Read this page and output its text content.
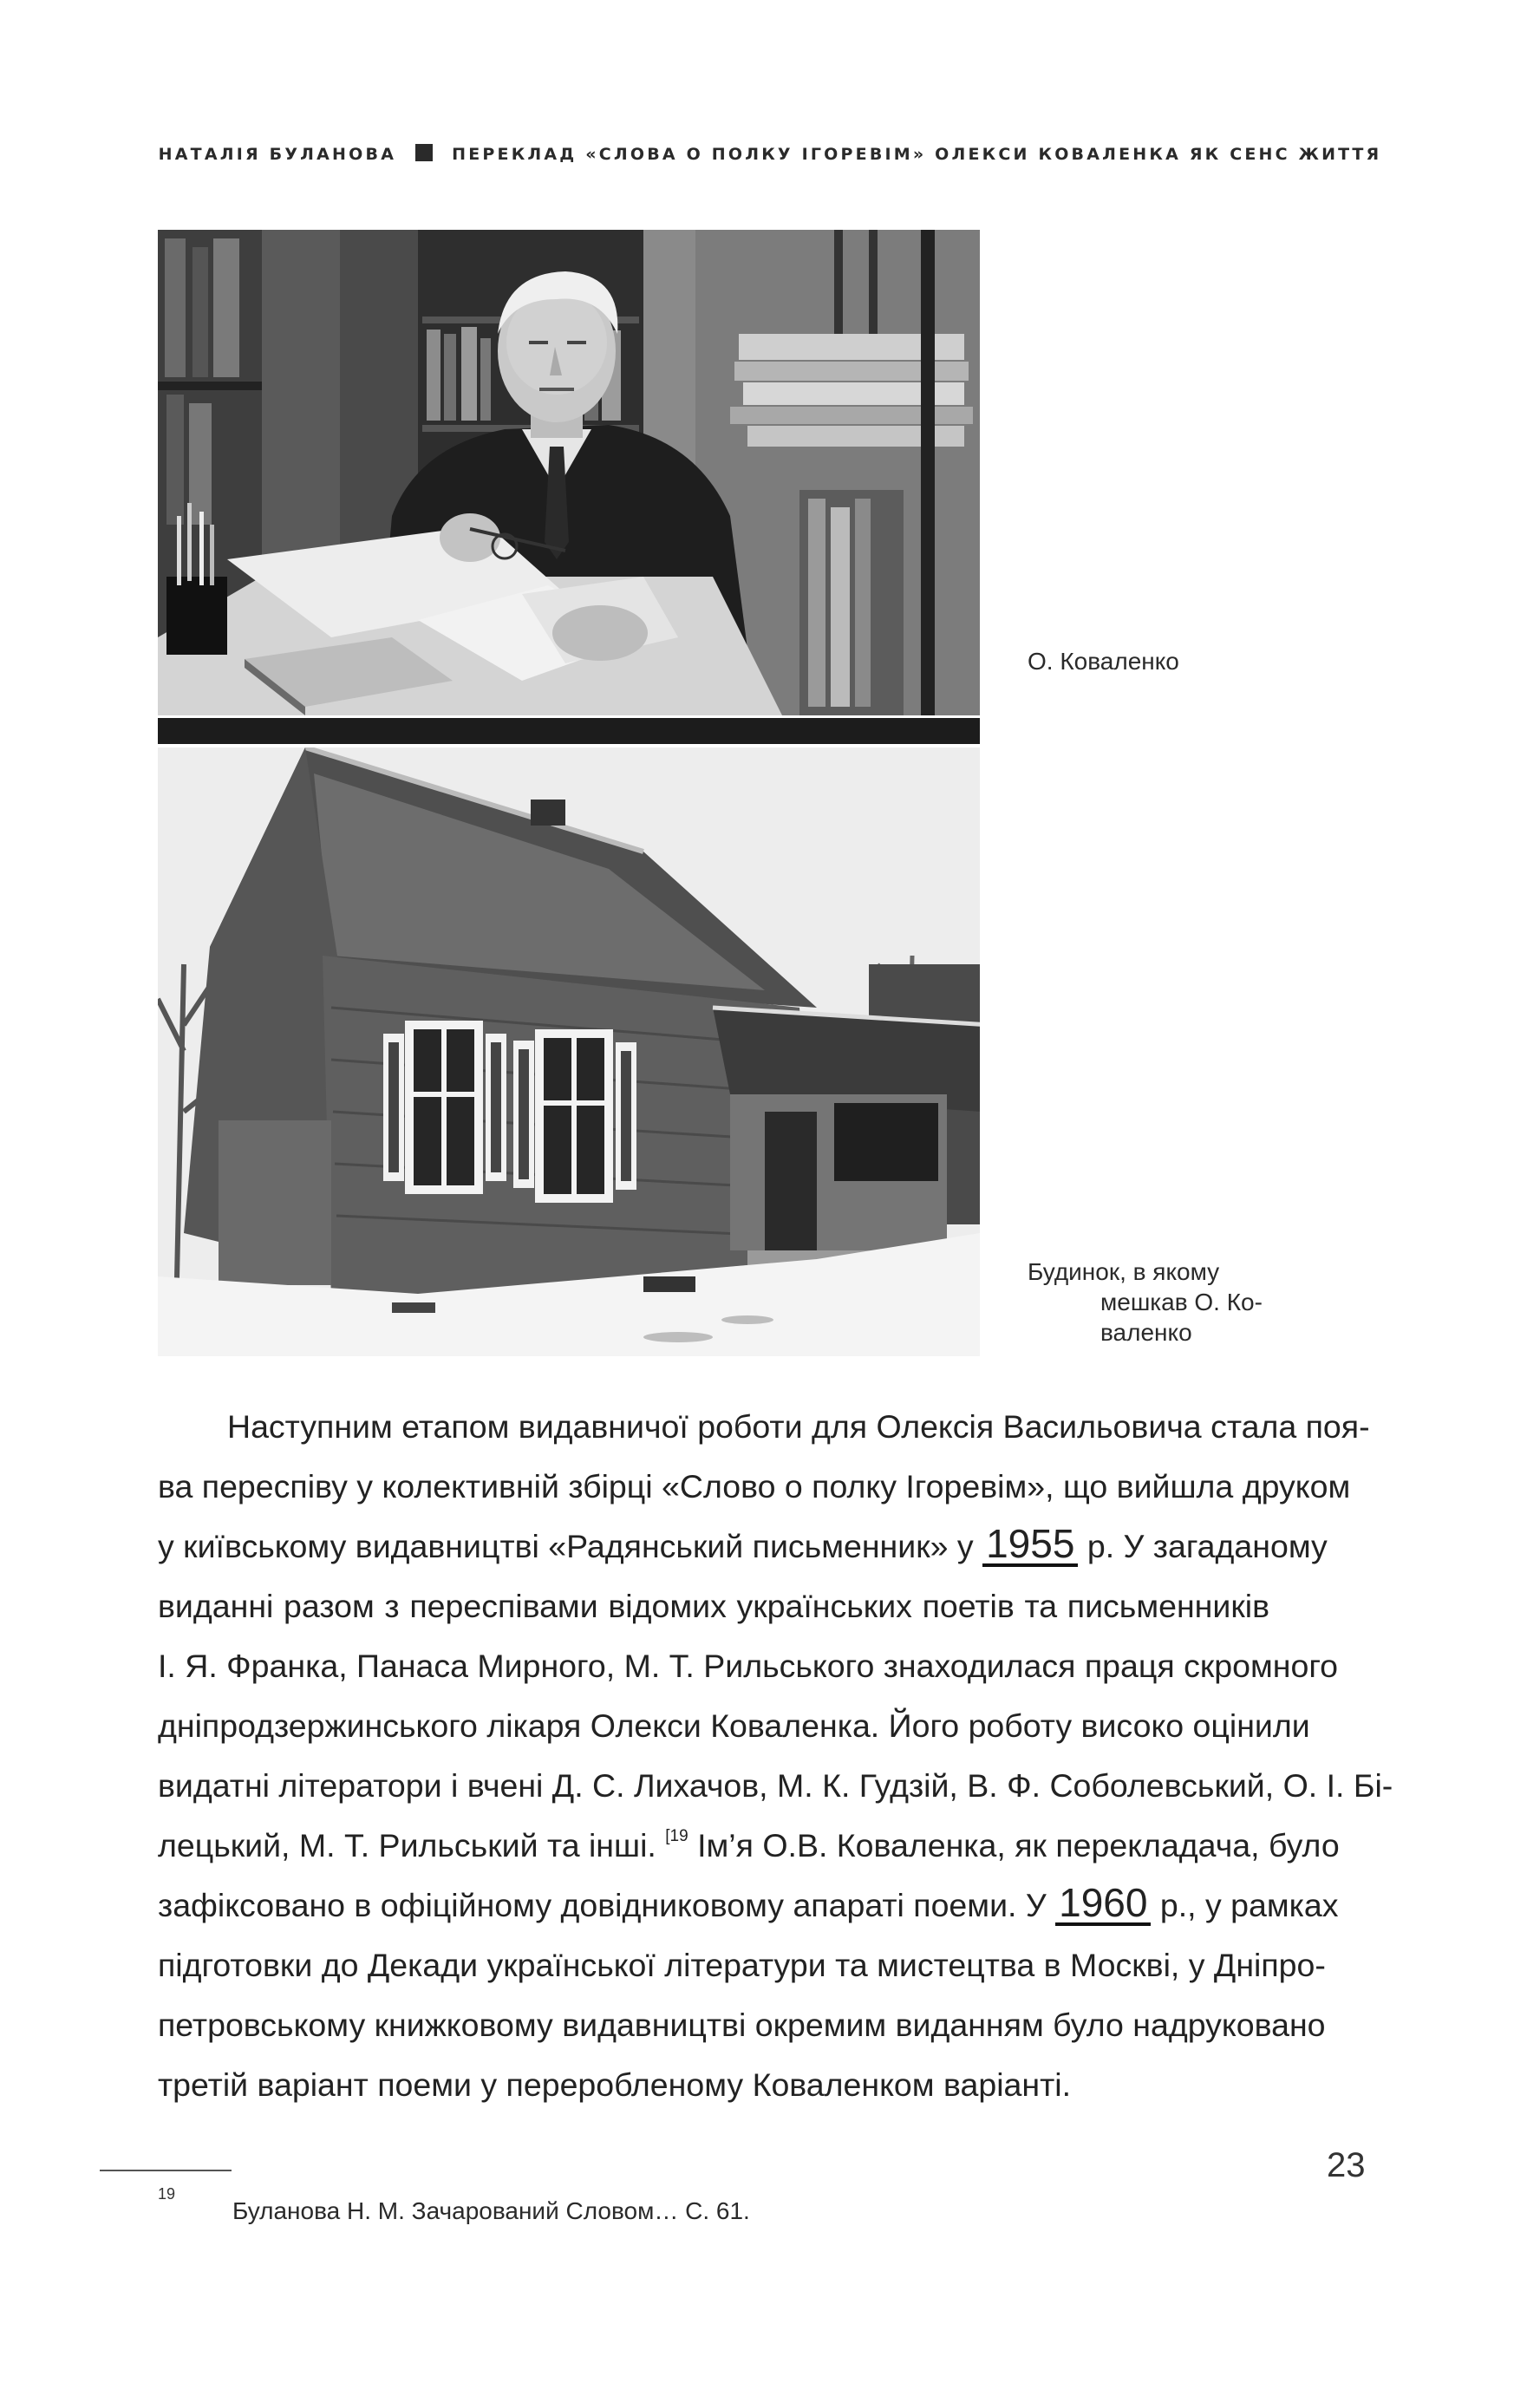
НАТАЛІЯ БУЛАНОВА	ПЕРЕКЛАД «СЛОВА О ПОЛКУ ІГОРЕВІМ» ОЛЕКСИ КОВАЛЕНКА ЯК СЕНС ЖИТТЯ
О. Коваленко
Будинок, в якому
мешкав О. Ко-
валенко
Наступним етапом видавничої роботи для Олексія Васильовича стала поя-
ва переспіву у колективній збірці «Слово о полку Ігоревім», що вийшла друком
у київському видавництві «Радянський письменник» у 1955 р. У загаданому
виданні разом з переспівами відомих українських поетів та письменників
І. Я. Франка, Панаса Мирного, М. Т. Рильського знаходилася праця скромного
дніпродзержинського лікаря Олекси Коваленка. Його роботу високо оцінили
видатні літератори і вчені Д. С. Лихачов, М. К. Гудзій, В. Ф. Соболевський, О. І. Бі-
лецький, М. Т. Рильський та інші. $^{[19}$ Ім’я О.В. Коваленка, як перекладача, було
зафіксовано в офіційному довідниковому апараті поеми. У 1960 р., у рамках
підготовки до Декади української літератури та мистецтва в Москві, у Дніпро-
петровському книжковому видавництві окремим виданням було надруковано
третій варіант поеми у переробленому Коваленком варіанті.
19
Буланова Н. М. Зачарований Словом… С. 61.
23
